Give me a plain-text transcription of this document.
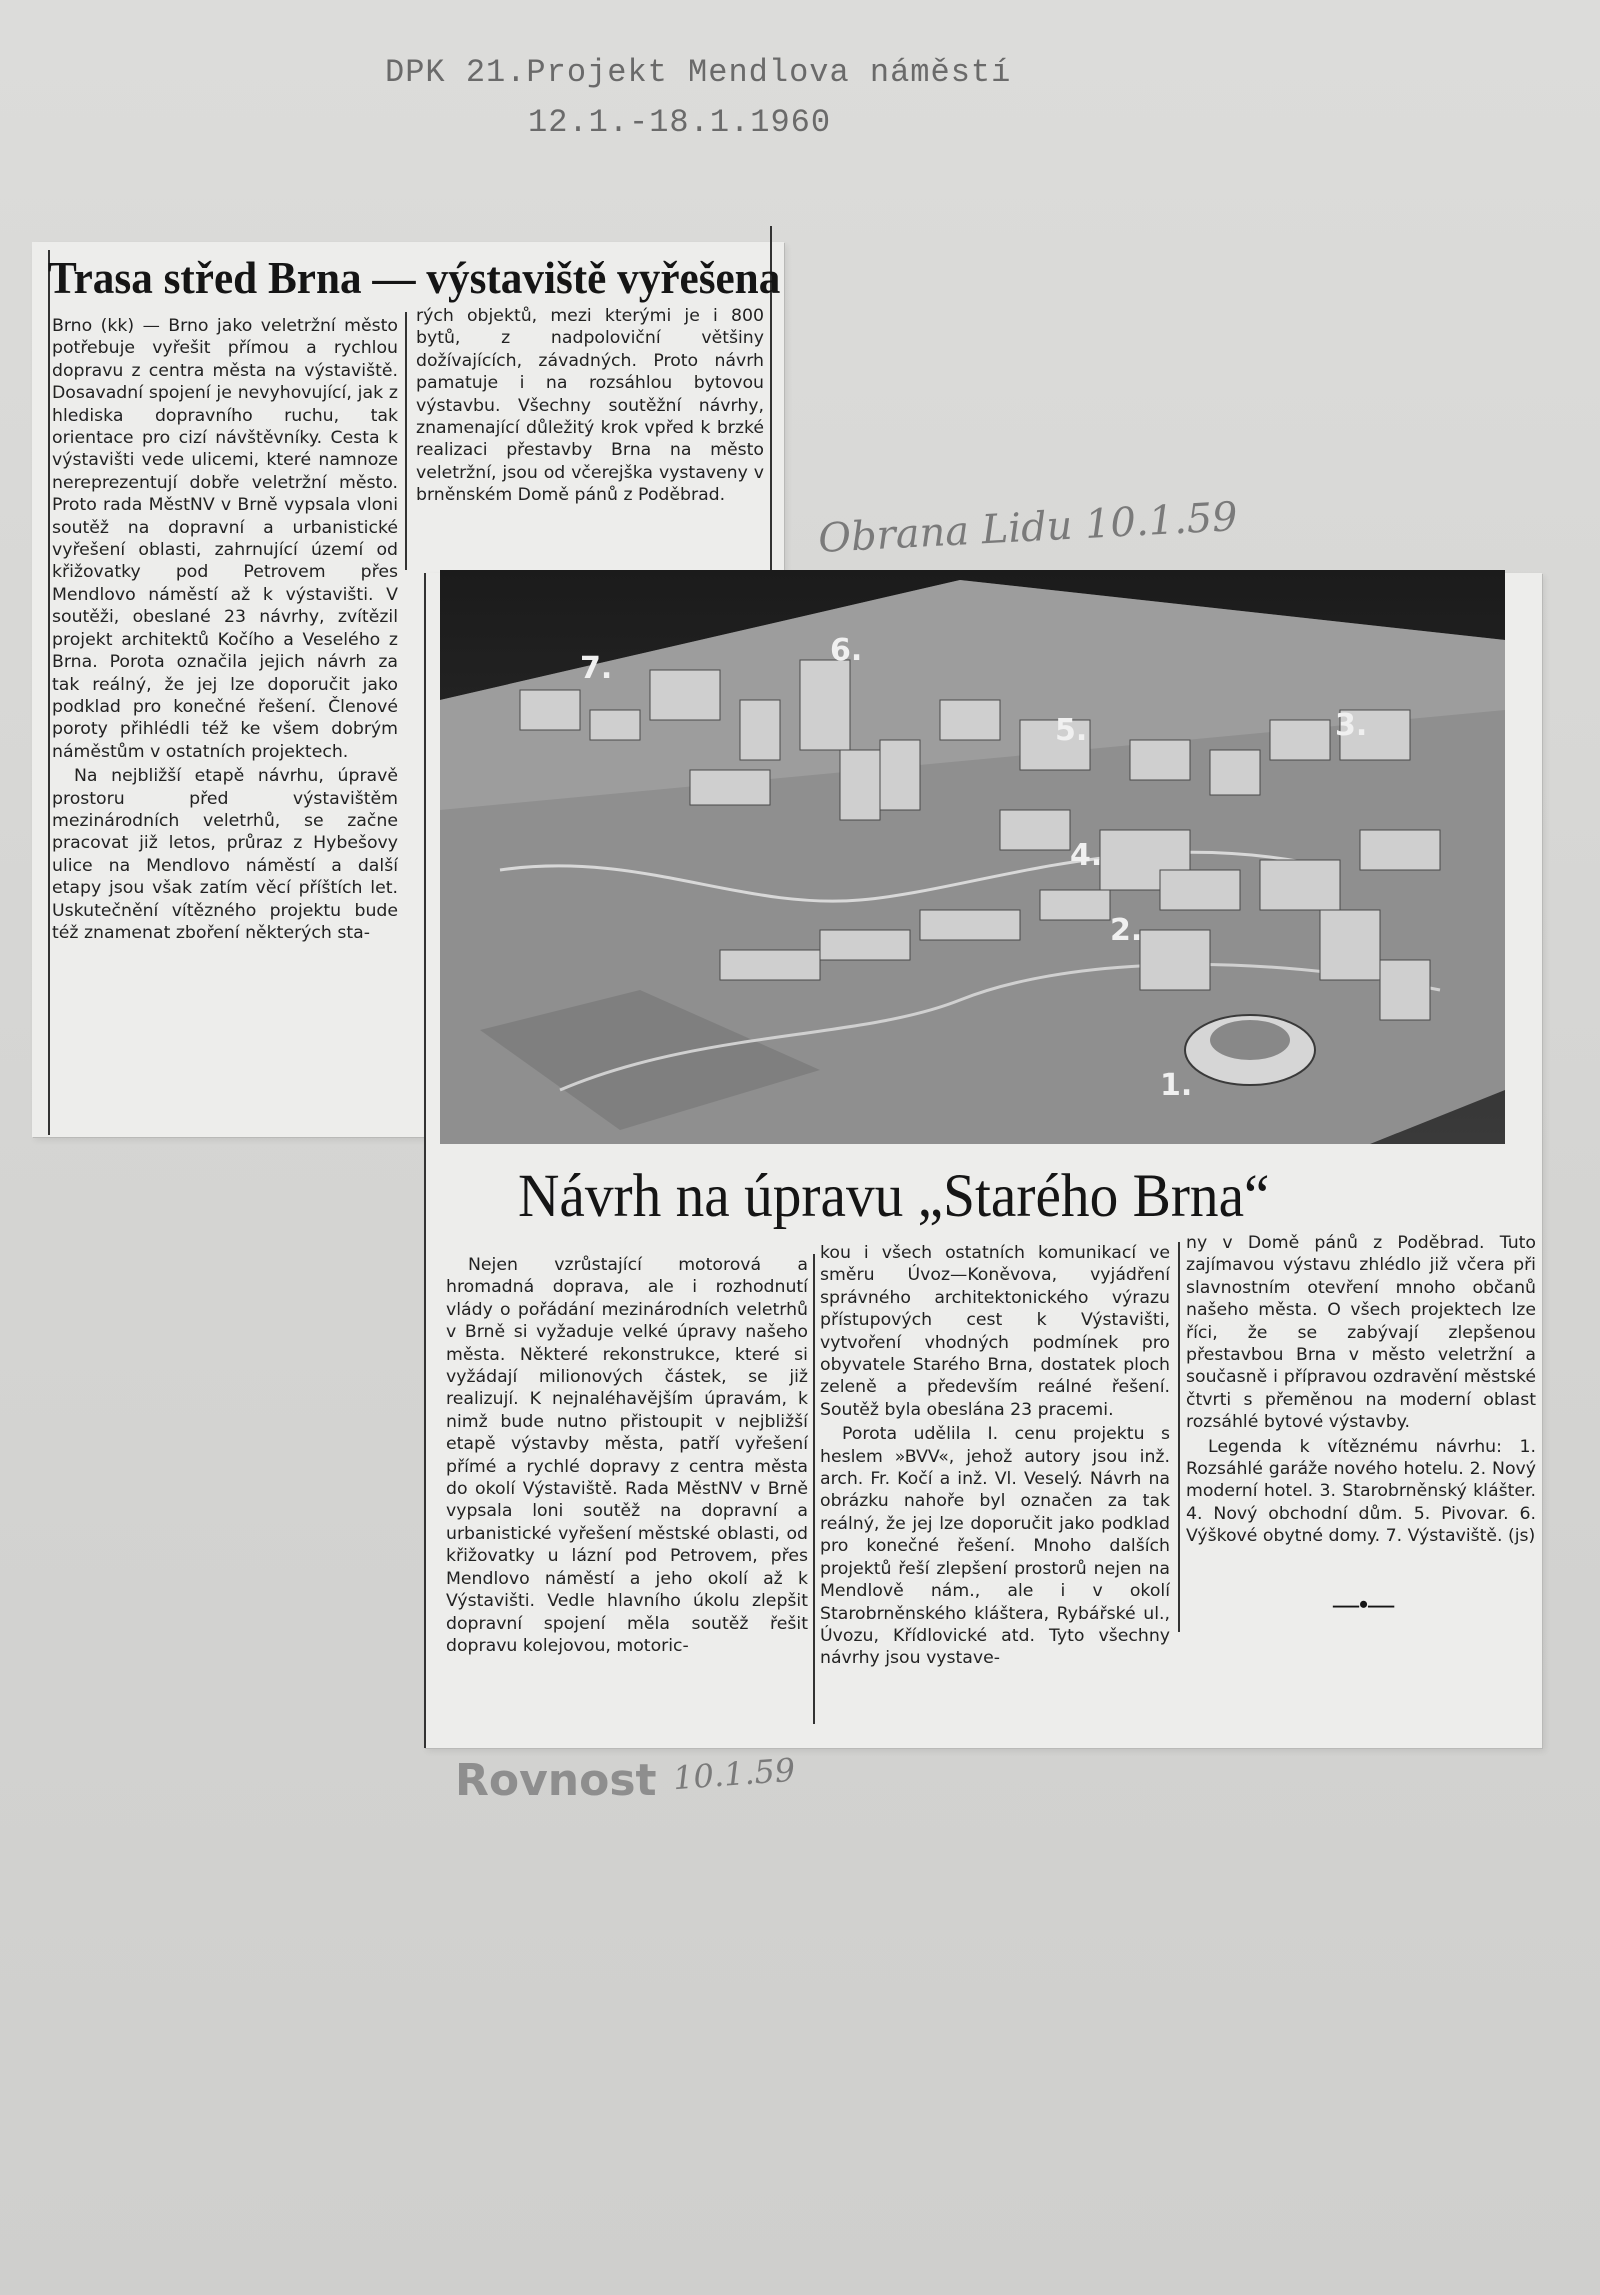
DPK 21.Projekt Mendlova náměstí
12.1.-18.1.1960
Trasa střed Brna — výstaviště vyřešena

Brno (kk) — Brno jako veletržní město potřebuje vyřešit přímou a rychlou dopravu z centra města na výstaviště. Dosavadní spojení je nevyhovující, jak z hlediska dopravního ruchu, tak orientace pro cizí návštěvníky. Cesta k výstavišti vede ulicemi, které namnoze nereprezentují dobře veletržní město. Proto rada MěstNV v Brně vypsala vloni soutěž na dopravní a urbanistické vyřešení oblasti, zahrnující území od křižovatky pod Petrovem přes Mendlovo náměstí až k výstavišti. V soutěži, obeslané 23 návrhy, zvítězil projekt architektů Kočího a Veselého z Brna. Porota označila jejich návrh za tak reálný, že jej lze doporučit jako podklad pro konečné řešení. Členové poroty přihlédli též ke všem dobrým náměstům v ostatních projektech.

Na nejbližší etapě návrhu, úpravě prostoru před výstavištěm mezinárodních veletrhů, se začne pracovat již letos, průraz z Hybešovy ulice na Mendlovo náměstí a další etapy jsou však zatím věcí příštích let. Uskutečnění vítězného projektu bude též znamenat zboření některých sta-

rých objektů, mezi kterými je i 800 bytů, z nadpoloviční většiny dožívajících, závadných. Proto návrh pamatuje i na rozsáhlou bytovou výstavbu. Všechny soutěžní návrhy, znamenající důležitý krok vpřed k brzké realizaci přestavby Brna na město veletržní, jsou od včerejška vystaveny v brněnském Domě pánů z Poděbrad.	Obrana Lidu 10.1.59
7.
6.
5.	3.
4.
2.
1.
Návrh na úpravu „Starého Brna“

Nejen vzrůstající motorová a hromadná doprava, ale i rozhodnutí vlády o pořádání mezinárodních veletrhů v Brně si vyžaduje velké úpravy našeho města. Některé rekonstrukce, které si vyžádají milionových částek, se již realizují. K nejnaléhavějším úpravám, k nimž bude nutno přistoupit v nejbližší etapě výstavby města, patří vyřešení přímé a rychlé dopravy z centra města do okolí Výstaviště. Rada MěstNV v Brně vypsala loni soutěž na dopravní a urbanistické vyřešení městské oblasti, od křižovatky u lázní pod Petrovem, přes Mendlovo náměstí a jeho okolí až k Výstavišti. Vedle hlavního úkolu zlepšit dopravní spojení měla soutěž řešit dopravu kolejovou, motoric-

kou i všech ostatních komunikací ve směru Úvoz—Koněvova, vyjádření správného architektonického výrazu přístupových cest k Výstavišti, vytvoření vhodných podmínek pro obyvatele Starého Brna, dostatek ploch zeleně a především reálné řešení. Soutěž byla obeslána 23 pracemi.

Porota udělila I. cenu projektu s heslem »BVV«, jehož autory jsou inž. arch. Fr. Kočí a inž. Vl. Veselý. Návrh na obrázku nahoře byl označen za tak reálný, že jej lze doporučit jako podklad pro konečné řešení. Mnoho dalších projektů řeší zlepšení prostorů nejen na Mendlově nám., ale i v okolí Starobrněnského kláštera, Rybářské ul., Úvozu, Křídlovické atd. Tyto všechny návrhy jsou vystave-

ny v Domě pánů z Poděbrad. Tuto zajímavou výstavu zhlédlo již včera při slavnostním otevření mnoho občanů našeho města. O všech projektech lze říci, že se zabývají zlepšenou přestavbou Brna v město veletržní a současně i přípravou ozdravění městské čtvrti s přeměnou na moderní oblast rozsáhlé bytové výstavby.

Legenda k vítěznému návrhu: 1. Rozsáhlé garáže nového hotelu. 2. Nový moderní hotel. 3. Starobrněnský klášter. 4. Nový obchodní dům. 5. Pivovar. 6. Výškové obytné domy. 7. Výstaviště. (js)

—•—
Rovnost 10.1.59
